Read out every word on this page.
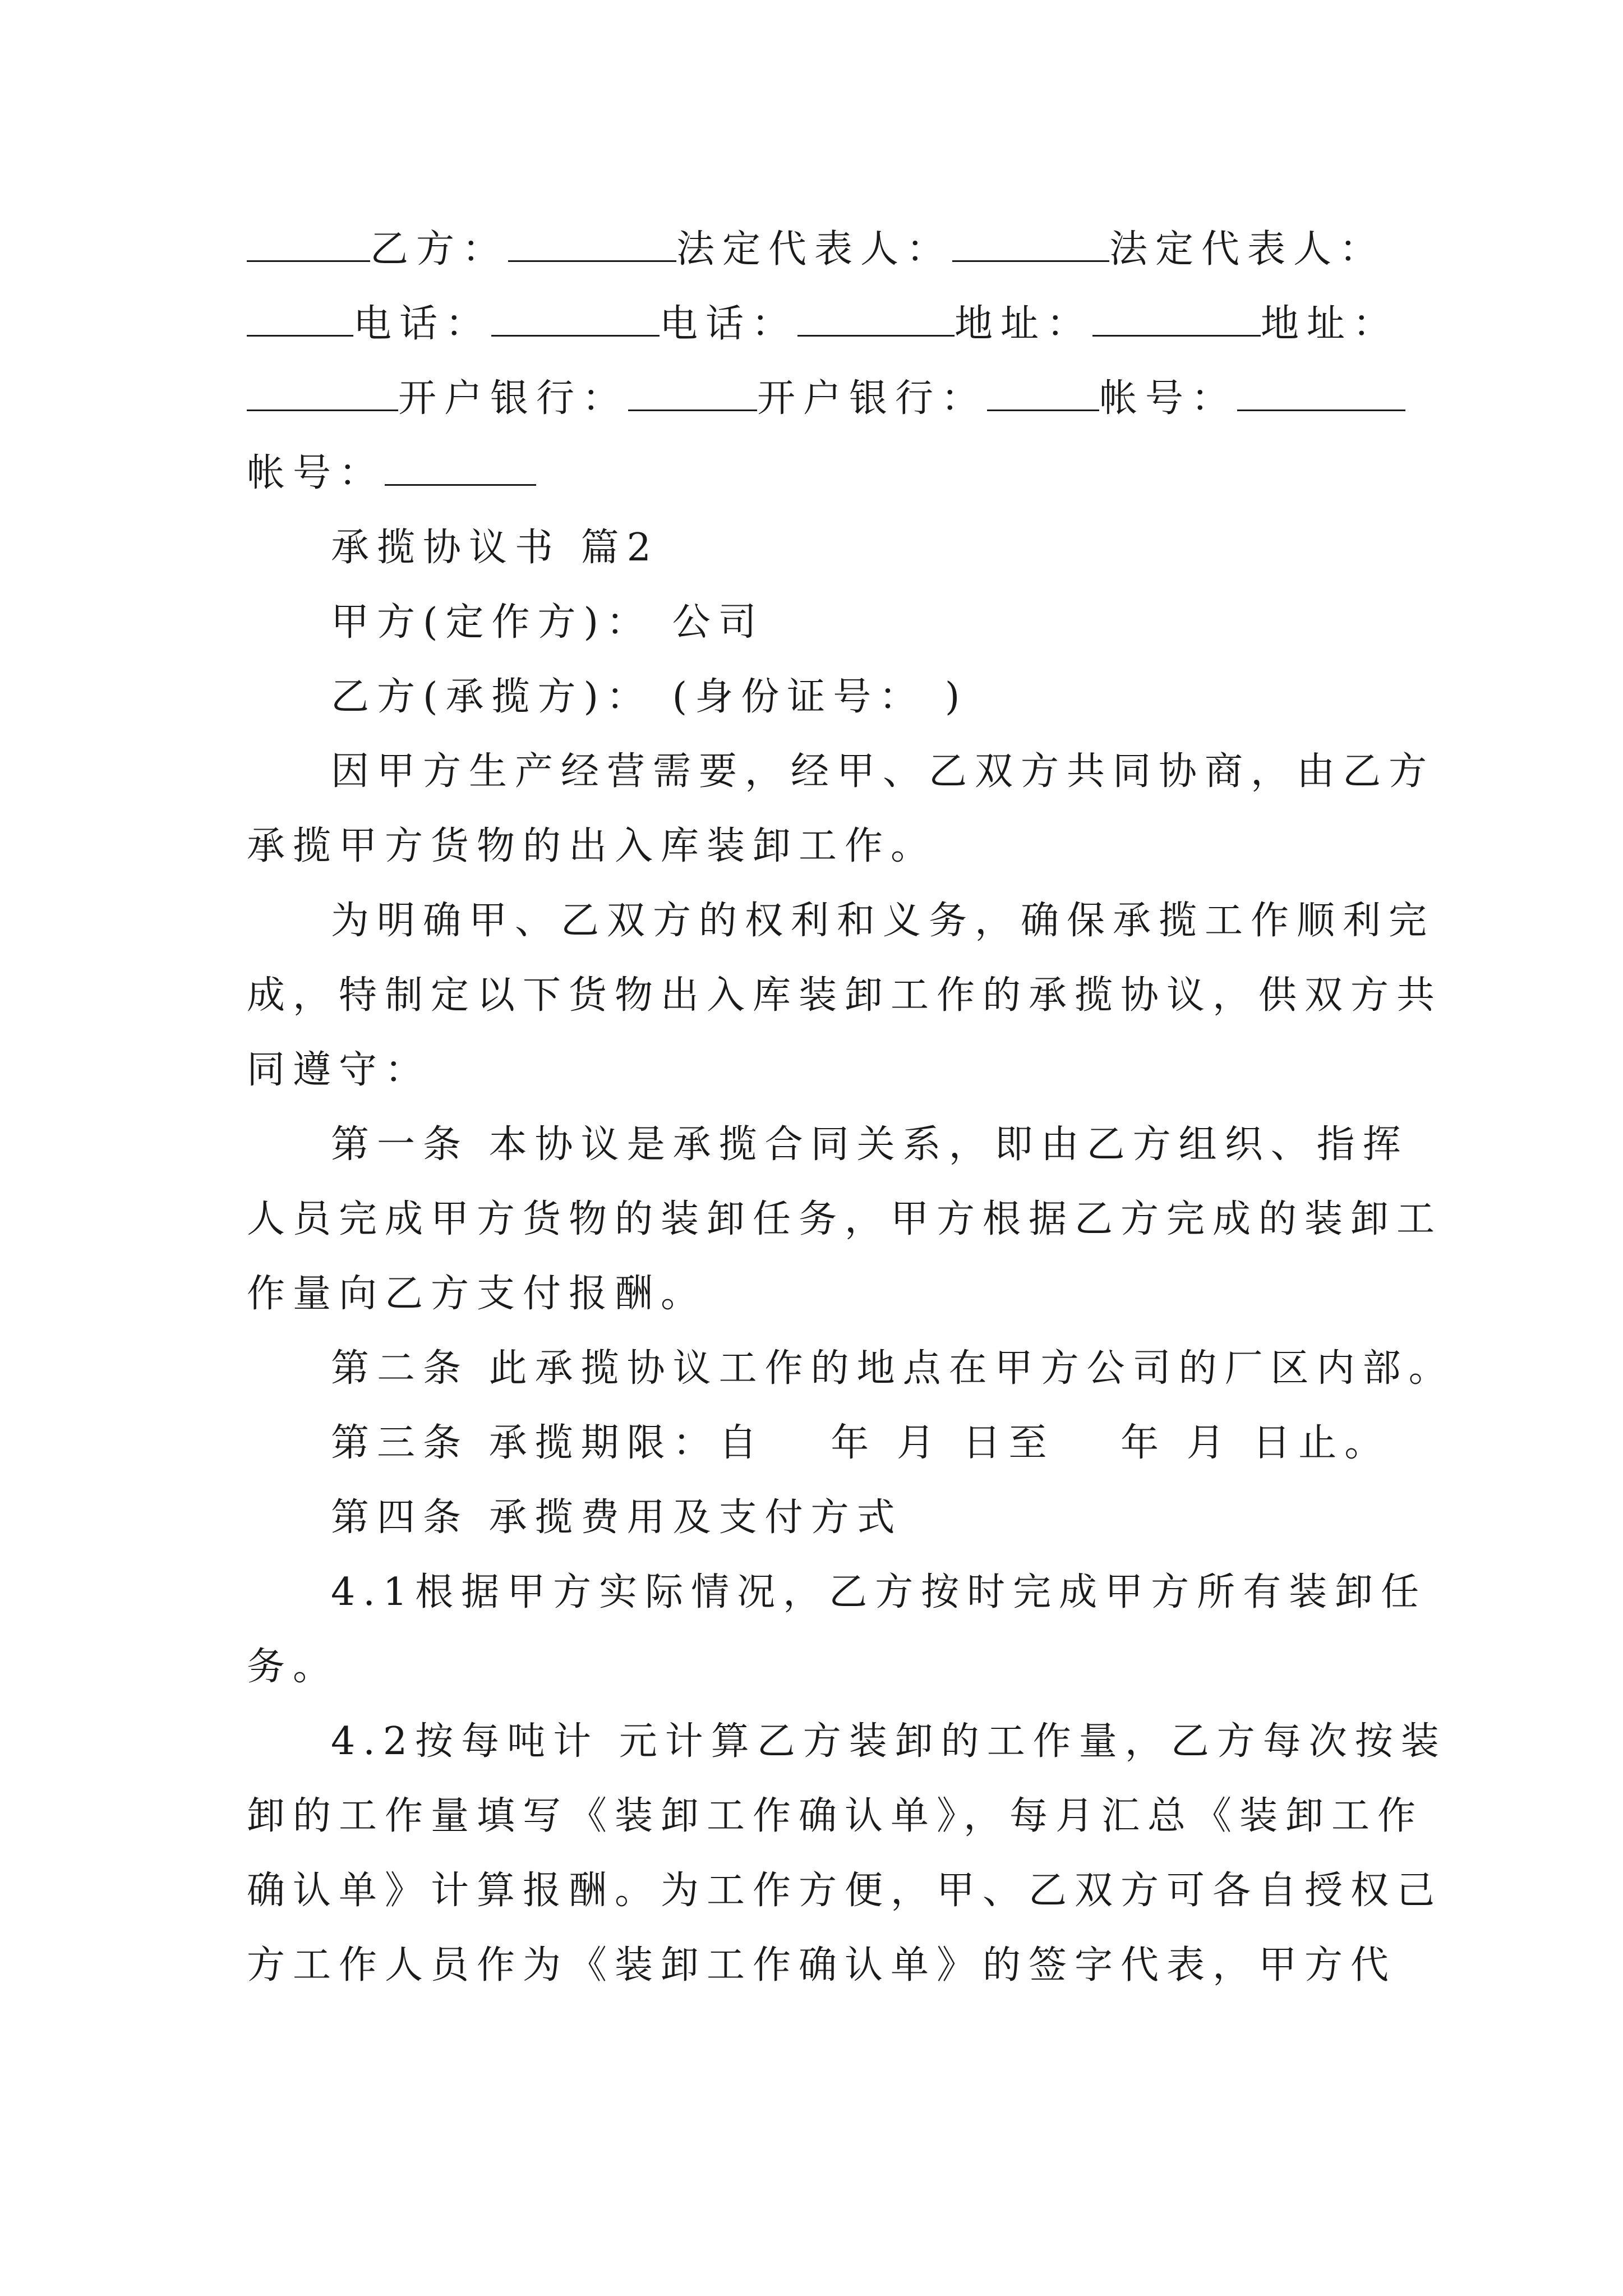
乙方：	法定代表人：	法定代表人：
电话：	电话：	地址：	地址：
开户银行：	开户银行：	帐号：
帐号：
承揽协议书 篇2
甲方(定作方)： 公司
乙方(承揽方)： (身份证号： )
因甲方生产经营需要，经甲、乙双方共同协商，由乙方
承揽甲方货物的出入库装卸工作。
为明确甲、乙双方的权利和义务，确保承揽工作顺利完
成，特制定以下货物出入库装卸工作的承揽协议，供双方共
同遵守：
第一条 本协议是承揽合同关系，即由乙方组织、指挥
人员完成甲方货物的装卸任务，甲方根据乙方完成的装卸工
作量向乙方支付报酬。
第二条 此承揽协议工作的地点在甲方公司的厂区内部。
第三条 承揽期限：自　 年 月 日至　 年 月 日止。
第四条 承揽费用及支付方式
4.1根据甲方实际情况，乙方按时完成甲方所有装卸任
务。
4.2按每吨计 元计算乙方装卸的工作量，乙方每次按装
卸的工作量填写《装卸工作确认单》，每月汇总《装卸工作
确认单》计算报酬。为工作方便，甲、乙双方可各自授权己
方工作人员作为《装卸工作确认单》的签字代表，甲方代
